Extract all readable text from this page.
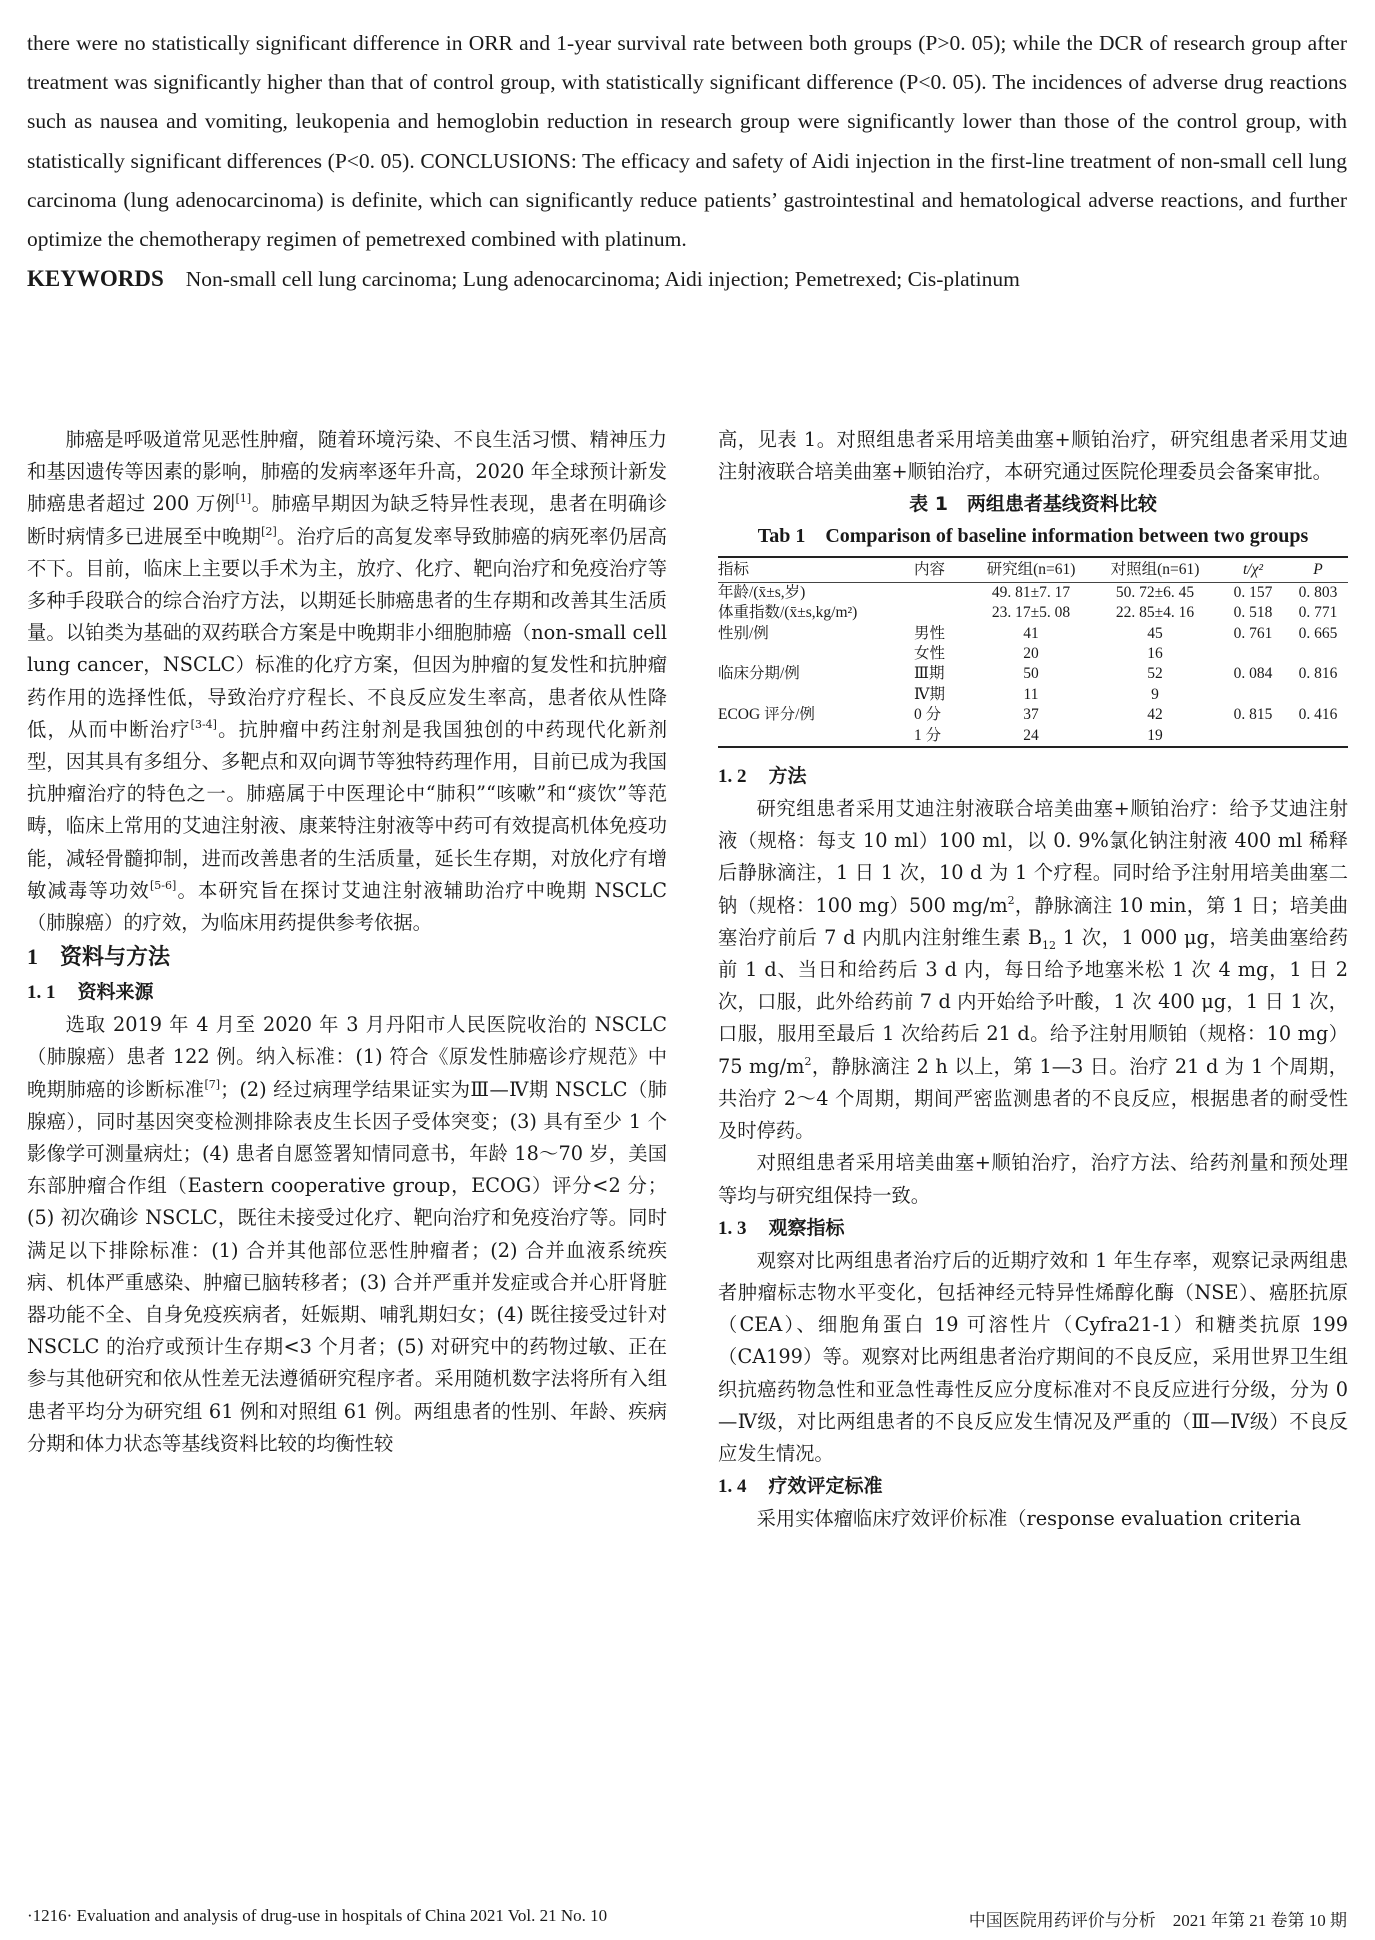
there were no statistically significant difference in ORR and 1-year survival rate between both groups (P>0. 05); while the DCR of research group after treatment was significantly higher than that of control group, with statistically significant difference (P<0. 05). The incidences of adverse drug reactions such as nausea and vomiting, leukopenia and hemoglobin reduction in research group were significantly lower than those of the control group, with statistically significant differences (P<0. 05). CONCLUSIONS: The efficacy and safety of Aidi injection in the first-line treatment of non-small cell lung carcinoma (lung adenocarcinoma) is definite, which can significantly reduce patients’ gastrointestinal and hematological adverse reactions, and further optimize the chemotherapy regimen of pemetrexed combined with platinum.

KEYWORDS Non-small cell lung carcinoma; Lung adenocarcinoma; Aidi injection; Pemetrexed; Cis-platinum

肺癌是呼吸道常见恶性肿瘤，随着环境污染、不良生活习惯、精神压力和基因遗传等因素的影响，肺癌的发病率逐年升高，2020 年全球预计新发肺癌患者超过 200 万例[1]。肺癌早期因为缺乏特异性表现，患者在明确诊断时病情多已进展至中晚期[2]。治疗后的高复发率导致肺癌的病死率仍居高不下。目前，临床上主要以手术为主，放疗、化疗、靶向治疗和免疫治疗等多种手段联合的综合治疗方法，以期延长肺癌患者的生存期和改善其生活质量。以铂类为基础的双药联合方案是中晚期非小细胞肺癌（non-small cell lung cancer，NSCLC）标准的化疗方案，但因为肿瘤的复发性和抗肿瘤药作用的选择性低，导致治疗疗程长、不良反应发生率高，患者依从性降低，从而中断治疗[3-4]。抗肿瘤中药注射剂是我国独创的中药现代化新剂型，因其具有多组分、多靶点和双向调节等独特药理作用，目前已成为我国抗肿瘤治疗的特色之一。肺癌属于中医理论中“肺积”“咳嗽”和“痰饮”等范畴，临床上常用的艾迪注射液、康莱特注射液等中药可有效提高机体免疫功能，减轻骨髓抑制，进而改善患者的生活质量，延长生存期，对放化疗有增敏减毒等功效[5-6]。本研究旨在探讨艾迪注射液辅助治疗中晚期 NSCLC（肺腺癌）的疗效，为临床用药提供参考依据。

1 资料与方法
1. 1 资料来源

选取 2019 年 4 月至 2020 年 3 月丹阳市人民医院收治的 NSCLC（肺腺癌）患者 122 例。纳入标准：(1) 符合《原发性肺癌诊疗规范》中晚期肺癌的诊断标准[7]；(2) 经过病理学结果证实为Ⅲ—Ⅳ期 NSCLC（肺腺癌），同时基因突变检测排除表皮生长因子受体突变；(3) 具有至少 1 个影像学可测量病灶；(4) 患者自愿签署知情同意书，年龄 18～70 岁，美国东部肿瘤合作组（Eastern cooperative group，ECOG）评分<2 分；(5) 初次确诊 NSCLC，既往未接受过化疗、靶向治疗和免疫治疗等。同时满足以下排除标准：(1) 合并其他部位恶性肿瘤者；(2) 合并血液系统疾病、机体严重感染、肿瘤已脑转移者；(3) 合并严重并发症或合并心肝肾脏器功能不全、自身免疫疾病者，妊娠期、哺乳期妇女；(4) 既往接受过针对 NSCLC 的治疗或预计生存期<3 个月者；(5) 对研究中的药物过敏、正在参与其他研究和依从性差无法遵循研究程序者。采用随机数字法将所有入组患者平均分为研究组 61 例和对照组 61 例。两组患者的性别、年龄、疾病分期和体力状态等基线资料比较的均衡性较

高，见表 1。对照组患者采用培美曲塞+顺铂治疗，研究组患者采用艾迪注射液联合培美曲塞+顺铂治疗，本研究通过医院伦理委员会备案审批。

表 1　两组患者基线资料比较
Tab 1　Comparison of baseline information between two groups
指标	内容	研究组(n=61)	对照组(n=61)	t/χ²	P
年龄/(x̄±s,岁)		49. 81±7. 17	50. 72±6. 45	0. 157	0. 803
体重指数/(x̄±s,kg/m²)		23. 17±5. 08	22. 85±4. 16	0. 518	0. 771
性别/例	男性	41	45	0. 761	0. 665
	女性	20	16		
临床分期/例	Ⅲ期	50	52	0. 084	0. 816
	Ⅳ期	11	9		
ECOG 评分/例	0 分	37	42	0. 815	0. 416
	1 分	24	19		
1. 2 方法

研究组患者采用艾迪注射液联合培美曲塞+顺铂治疗：给予艾迪注射液（规格：每支 10 ml）100 ml，以 0. 9%氯化钠注射液 400 ml 稀释后静脉滴注，1 日 1 次，10 d 为 1 个疗程。同时给予注射用培美曲塞二钠（规格：100 mg）500 $mg/m^2$，静脉滴注 10 min，第 1 日；培美曲塞治疗前后 7 d 内肌内注射维生素 $B_{12}$ 1 次，1 000 μg，培美曲塞给药前 1 d、当日和给药后 3 d 内，每日给予地塞米松 1 次 4 mg，1 日 2 次，口服，此外给药前 7 d 内开始给予叶酸，1 次 400 μg，1 日 1 次，口服，服用至最后 1 次给药后 21 d。给予注射用顺铂（规格：10 mg）75 $mg/m^2$，静脉滴注 2 h 以上，第 1—3 日。治疗 21 d 为 1 个周期，共治疗 2～4 个周期，期间严密监测患者的不良反应，根据患者的耐受性及时停药。

对照组患者采用培美曲塞+顺铂治疗，治疗方法、给药剂量和预处理等均与研究组保持一致。

1. 3 观察指标

观察对比两组患者治疗后的近期疗效和 1 年生存率，观察记录两组患者肿瘤标志物水平变化，包括神经元特异性烯醇化酶（NSE）、癌胚抗原（CEA）、细胞角蛋白 19 可溶性片（Cyfra21-1）和糖类抗原 199（CA199）等。观察对比两组患者治疗期间的不良反应，采用世界卫生组织抗癌药物急性和亚急性毒性反应分度标准对不良反应进行分级，分为 0—Ⅳ级，对比两组患者的不良反应发生情况及严重的（Ⅲ—Ⅳ级）不良反应发生情况。

1. 4 疗效评定标准

采用实体瘤临床疗效评价标准（response evaluation criteria

·1216· Evaluation and analysis of drug-use in hospitals of China 2021 Vol. 21 No. 10	中国医院用药评价与分析　2021 年第 21 卷第 10 期
